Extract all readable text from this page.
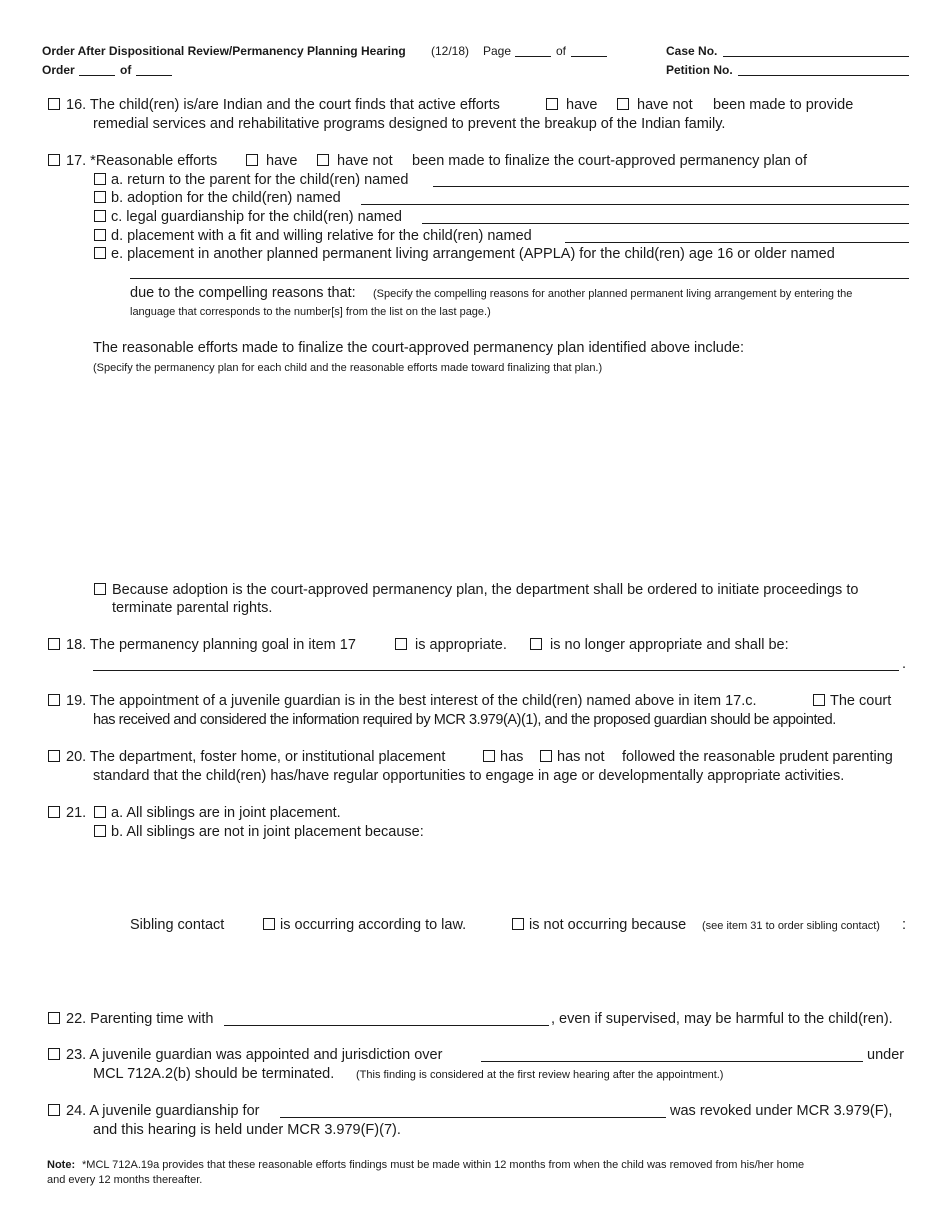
Order After Dispositional Review/Permanency Planning Hearing (12/18) Page	of
Order	of
Case No.
Petition No.
16. The child(ren) is/are Indian and the court finds that active efforts	have	have not been made to provide
remedial services and rehabilitative programs designed to prevent the breakup of the Indian family.
17. *Reasonable efforts	have	have not been made to finalize the court-approved permanency plan of
a. return to the parent for the child(ren) named
b. adoption for the child(ren) named
c. legal guardianship for the child(ren) named
d. placement with a fit and willing relative for the child(ren) named
e. placement in another planned permanent living arrangement (APPLA) for the child(ren) age 16 or older named
due to the compelling reasons that: (Specify the compelling reasons for another planned permanent living arrangement by entering the
language that corresponds to the number[s] from the list on the last page.)
The reasonable efforts made to finalize the court-approved permanency plan identified above include:
(Specify the permanency plan for each child and the reasonable efforts made toward finalizing that plan.)
Because adoption is the court-approved permanency plan, the department shall be ordered to initiate proceedings to
terminate parental rights.
18. The permanency planning goal in item 17	is appropriate.	is no longer appropriate and shall be:
.
19. The appointment of a juvenile guardian is in the best interest of the child(ren) named above in item 17.c.	The court
has received and considered the information required by MCR 3.979(A)(1), and the proposed guardian should be appointed.
20. The department, foster home, or institutional placement	has has not followed the reasonable prudent parenting
standard that the child(ren) has/have regular opportunities to engage in age or developmentally appropriate activities.
21. a. All siblings are in joint placement.
b. All siblings are not in joint placement because:
Sibling contact	is occurring according to law.	is not occurring because (see item 31 to order sibling contact) :
22. Parenting time with	, even if supervised, may be harmful to the child(ren).
23. A juvenile guardian was appointed and jurisdiction over	under
MCL 712A.2(b) should be terminated. (This finding is considered at the first review hearing after the appointment.)
24. A juvenile guardianship for	was revoked under MCR 3.979(F),
and this hearing is held under MCR 3.979(F)(7).
Note: *MCL 712A.19a provides that these reasonable efforts findings must be made within 12 months from when the child was removed from his/her home
and every 12 months thereafter.
